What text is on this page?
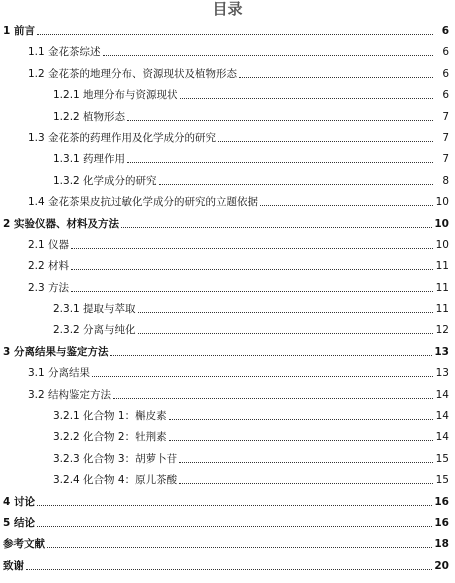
目录
1 前言	6
1.1 金花茶综述	6
1.2 金花茶的地理分布、资源现状及植物形态	6
1.2.1 地理分布与资源现状	6
1.2.2 植物形态	7
1.3 金花茶的药理作用及化学成分的研究	7
1.3.1 药理作用	7
1.3.2 化学成分的研究	8
1.4 金花茶果皮抗过敏化学成分的研究的立题依据	10
2 实验仪器、材料及方法	10
2.1 仪器	10
2.2 材料	11
2.3 方法	11
2.3.1 提取与萃取	11
2.3.2 分离与纯化	12
3 分离结果与鉴定方法	13
3.1 分离结果	13
3.2 结构鉴定方法	14
3.2.1 化合物 1：槲皮素	14
3.2.2 化合物 2：牡荆素	14
3.2.3 化合物 3：胡萝卜苷	15
3.2.4 化合物 4：原儿茶酸	15
4 讨论	16
5 结论	16
参考文献	18
致谢	20
